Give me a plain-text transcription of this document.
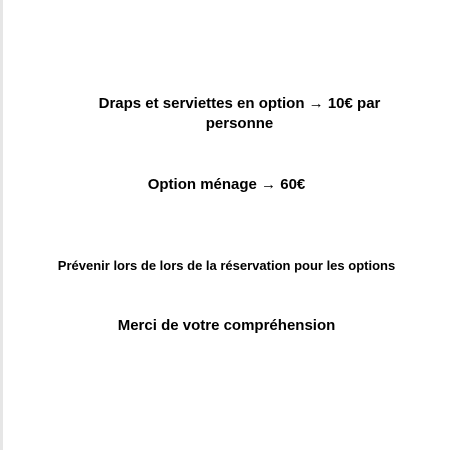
Draps et serviettes en option → 10€ par personne
Option ménage → 60€
Prévenir lors de lors de la réservation pour les options
Merci de votre compréhension
